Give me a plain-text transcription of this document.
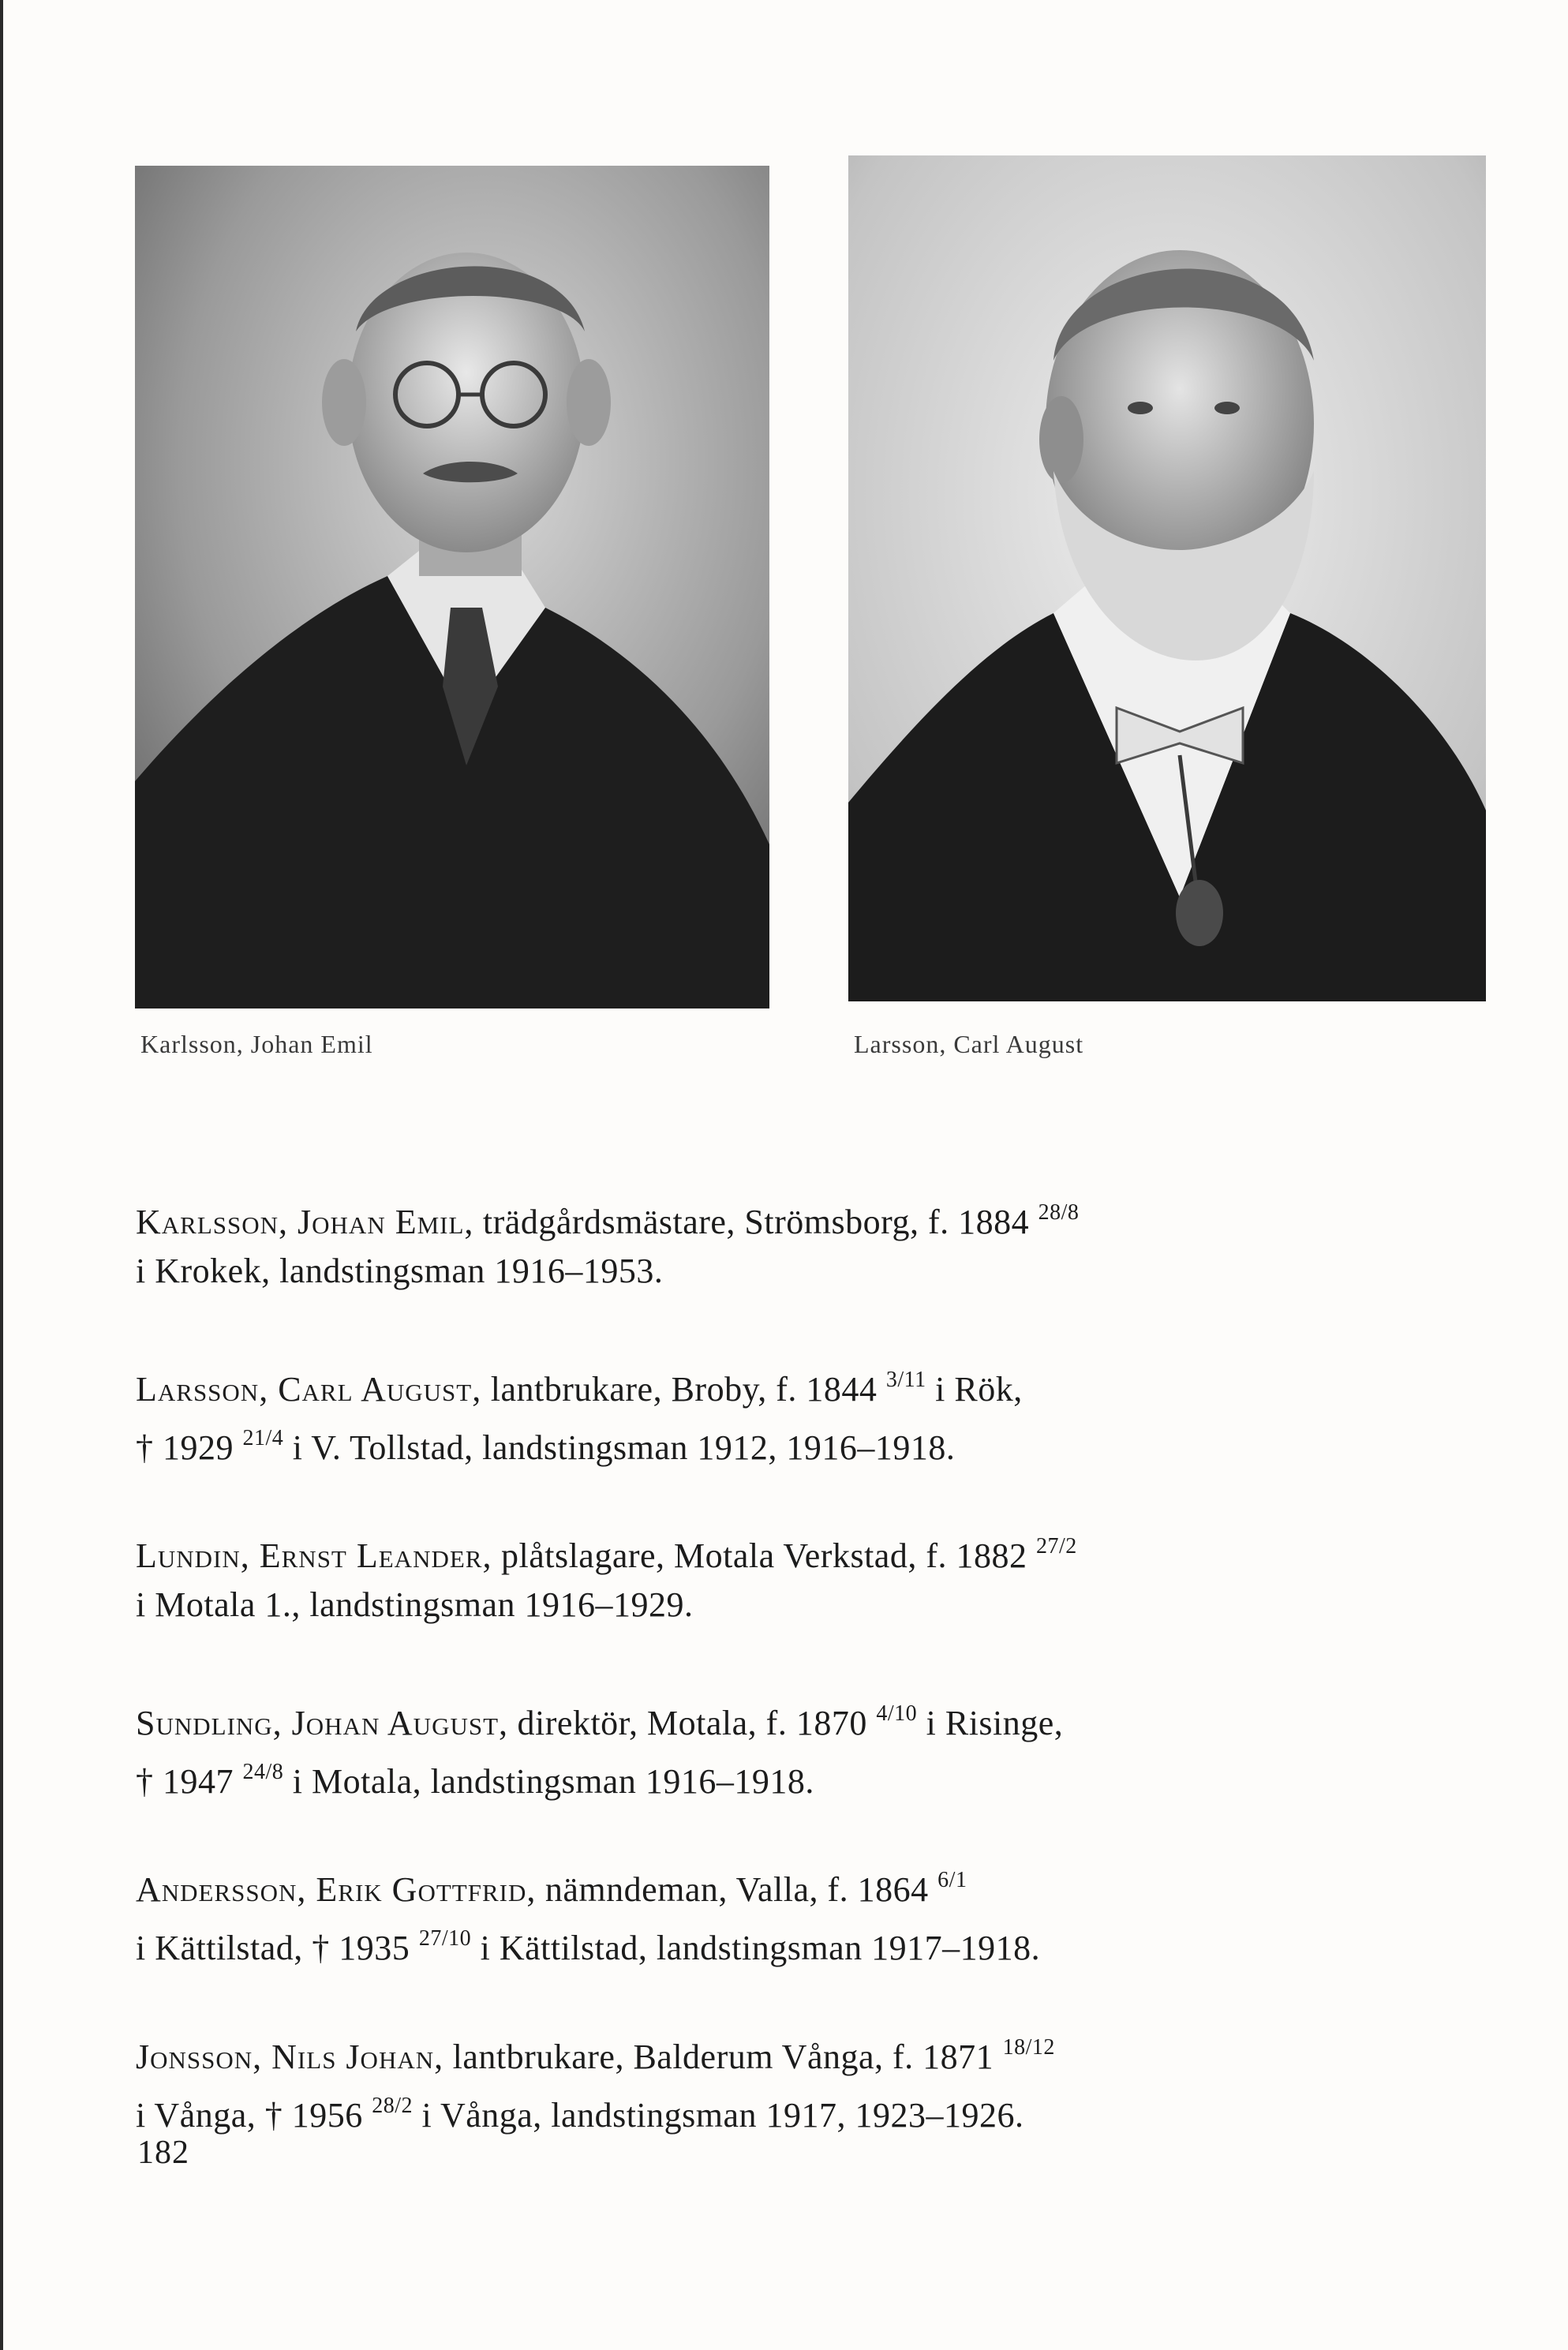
Karlsson, Johan Emil	Larsson, Carl August

Karlsson, Johan Emil, trädgårdsmästare, Strömsborg, f. 1884 $^{28/8}$

i Krokek, landstingsman 1916–1953.

Larsson, Carl August, lantbrukare, Broby, f. 1844 $^{3/11}$ i Rök,

† 1929 $^{21/4}$ i V. Tollstad, landstingsman 1912, 1916–1918.

Lundin, Ernst Leander, plåtslagare, Motala Verkstad, f. 1882 $^{27/2}$

i Motala 1., landstingsman 1916–1929.

Sundling, Johan August, direktör, Motala, f. 1870 $^{4/10}$ i Risinge,

† 1947 $^{24/8}$ i Motala, landstingsman 1916–1918.

Andersson, Erik Gottfrid, nämndeman, Valla, f. 1864 $^{6/1}$

i Kättilstad, † 1935 $^{27/10}$ i Kättilstad, landstingsman 1917–1918.

Jonsson, Nils Johan, lantbrukare, Balderum Vånga, f. 1871 $^{18/12}$

i Vånga, † 1956 $^{28/2}$ i Vånga, landstingsman 1917, 1923–1926.

182
